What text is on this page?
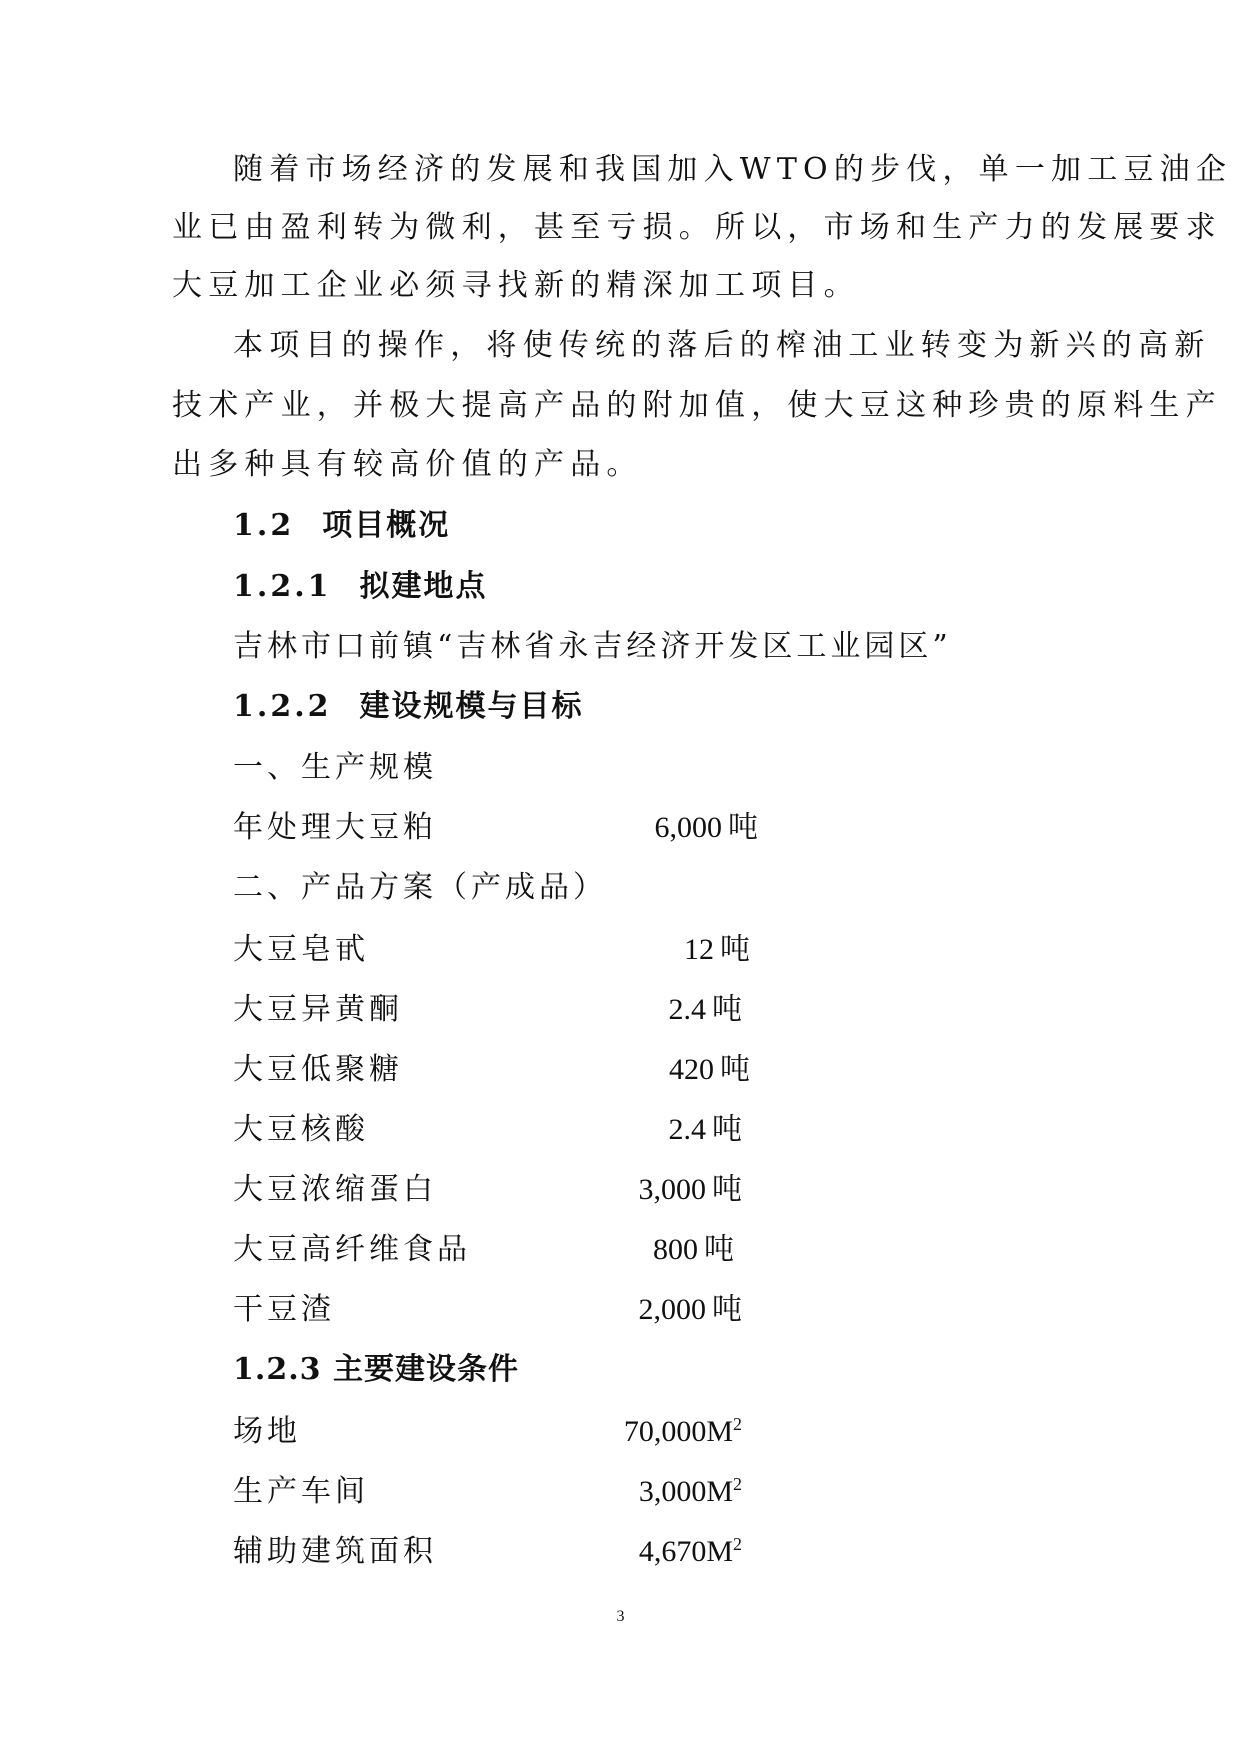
随着市场经济的发展和我国加入WTO的步伐，单一加工豆油企
业已由盈利转为微利，甚至亏损。所以，市场和生产力的发展要求
大豆加工企业必须寻找新的精深加工项目。
本项目的操作，将使传统的落后的榨油工业转变为新兴的高新
技术产业，并极大提高产品的附加值，使大豆这种珍贵的原料生产
出多种具有较高价值的产品。
1.2 项目概况
1.2.1 拟建地点
吉林市口前镇“吉林省永吉经济开发区工业园区”
1.2.2 建设规模与目标
一、生产规模
年处理大豆粕	6,000 吨
二、产品方案（产成品）
大豆皂甙	12 吨
大豆异黄酮	2.4 吨
大豆低聚糖	420 吨
大豆核酸	2.4 吨
大豆浓缩蛋白	3,000 吨
大豆高纤维食品	800 吨
干豆渣	2,000 吨
1.2.3 主要建设条件
场地	$70,000M^2$
生产车间	$3,000M^2$
辅助建筑面积	$4,670M^2$
3
